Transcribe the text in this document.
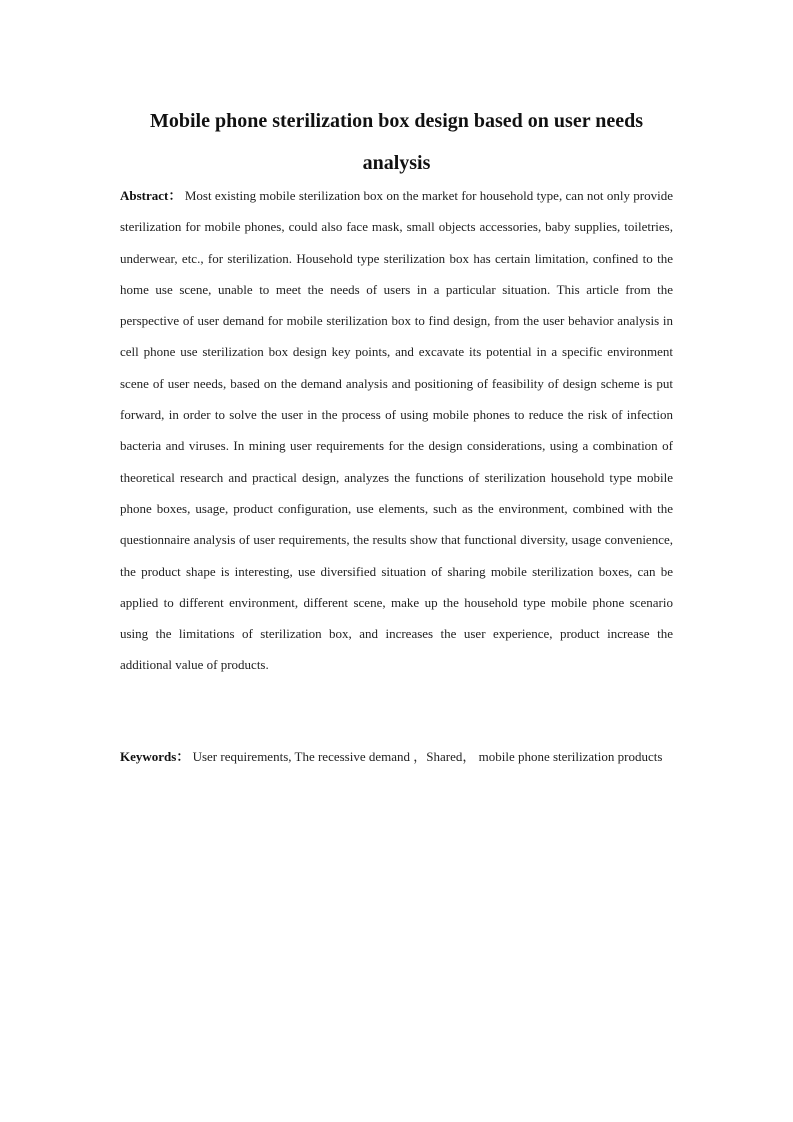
Mobile phone sterilization box design based on user needs analysis

Abstract： Most existing mobile sterilization box on the market for household type, can not only provide sterilization for mobile phones, could also face mask, small objects accessories, baby supplies, toiletries, underwear, etc., for sterilization. Household type sterilization box has certain limitation, confined to the home use scene, unable to meet the needs of users in a particular situation. This article from the perspective of user demand for mobile sterilization box to find design, from the user behavior analysis in cell phone use sterilization box design key points, and excavate its potential in a specific environment scene of user needs, based on the demand analysis and positioning of feasibility of design scheme is put forward, in order to solve the user in the process of using mobile phones to reduce the risk of infection bacteria and viruses. In mining user requirements for the design considerations, using a combination of theoretical research and practical design, analyzes the functions of sterilization household type mobile phone boxes, usage, product configuration, use elements, such as the environment, combined with the questionnaire analysis of user requirements, the results show that functional diversity, usage convenience, the product shape is interesting, use diversified situation of sharing mobile sterilization boxes, can be applied to different environment, different scene, make up the household type mobile phone scenario using the limitations of sterilization box, and increases the user experience, product increase the additional value of products.

Keywords： User requirements, The recessive demand ，Shared， mobile phone sterilization products
